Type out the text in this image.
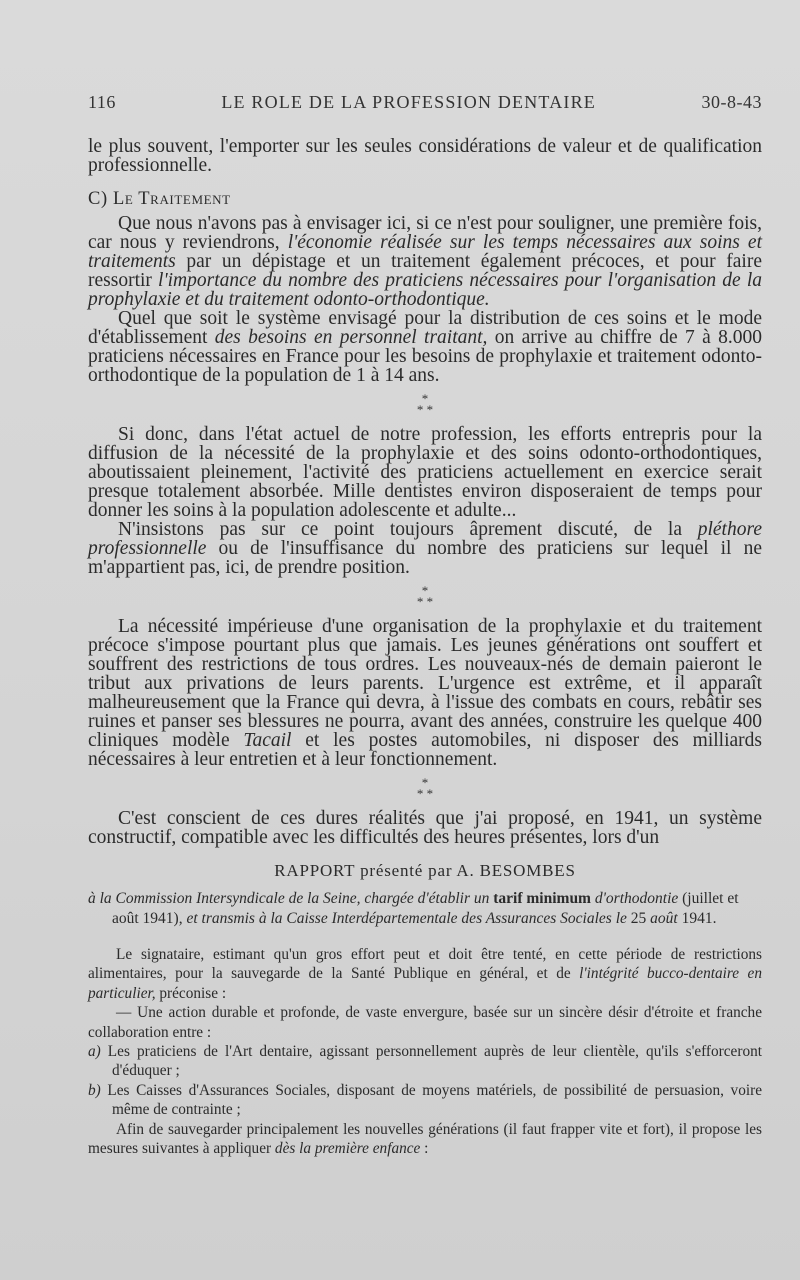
116	LE ROLE DE LA PROFESSION DENTAIRE	30-8-43

le plus souvent, l'emporter sur les seules considérations de valeur et de qualification professionnelle.

C) Le Traitement

Que nous n'avons pas à envisager ici, si ce n'est pour souligner, une première fois, car nous y reviendrons, l'économie réalisée sur les temps nécessaires aux soins et traitements par un dépistage et un traitement également précoces, et pour faire ressortir l'importance du nombre des praticiens nécessaires pour l'organisation de la prophylaxie et du traitement odonto-orthodontique.

Quel que soit le système envisagé pour la distribution de ces soins et le mode d'établissement des besoins en personnel traitant, on arrive au chiffre de 7 à 8.000 praticiens nécessaires en France pour les besoins de prophylaxie et traitement odonto-orthodontique de la population de 1 à 14 ans.

*
* *

Si donc, dans l'état actuel de notre profession, les efforts entrepris pour la diffusion de la nécessité de la prophylaxie et des soins odonto-orthodontiques, aboutissaient pleinement, l'activité des praticiens actuellement en exercice serait presque totalement absorbée. Mille dentistes environ disposeraient de temps pour donner les soins à la population adolescente et adulte...

N'insistons pas sur ce point toujours âprement discuté, de la pléthore professionnelle ou de l'insuffisance du nombre des praticiens sur lequel il ne m'appartient pas, ici, de prendre position.

*
* *

La nécessité impérieuse d'une organisation de la prophylaxie et du traitement précoce s'impose pourtant plus que jamais. Les jeunes générations ont souffert et souffrent des restrictions de tous ordres. Les nouveaux-nés de demain paieront le tribut aux privations de leurs parents. L'urgence est extrême, et il apparaît malheureusement que la France qui devra, à l'issue des combats en cours, rebâtir ses ruines et panser ses blessures ne pourra, avant des années, construire les quelque 400 cliniques modèle Tacail et les postes automobiles, ni disposer des milliards nécessaires à leur entretien et à leur fonctionnement.

*
* *

C'est conscient de ces dures réalités que j'ai proposé, en 1941, un système constructif, compatible avec les difficultés des heures présentes, lors d'un

RAPPORT présenté par A. BESOMBES

à la Commission Intersyndicale de la Seine, chargée d'établir un tarif minimum d'orthodontie (juillet et août 1941), et transmis à la Caisse Interdépartementale des Assurances Sociales le 25 août 1941.

Le signataire, estimant qu'un gros effort peut et doit être tenté, en cette période de restrictions alimentaires, pour la sauvegarde de la Santé Publique en général, et de l'intégrité bucco-dentaire en particulier, préconise :

— Une action durable et profonde, de vaste envergure, basée sur un sincère désir d'étroite et franche collaboration entre :

a) Les praticiens de l'Art dentaire, agissant personnellement auprès de leur clientèle, qu'ils s'efforceront d'éduquer ;

b) Les Caisses d'Assurances Sociales, disposant de moyens matériels, de possibilité de persuasion, voire même de contrainte ;

Afin de sauvegarder principalement les nouvelles générations (il faut frapper vite et fort), il propose les mesures suivantes à appliquer dès la première enfance :
